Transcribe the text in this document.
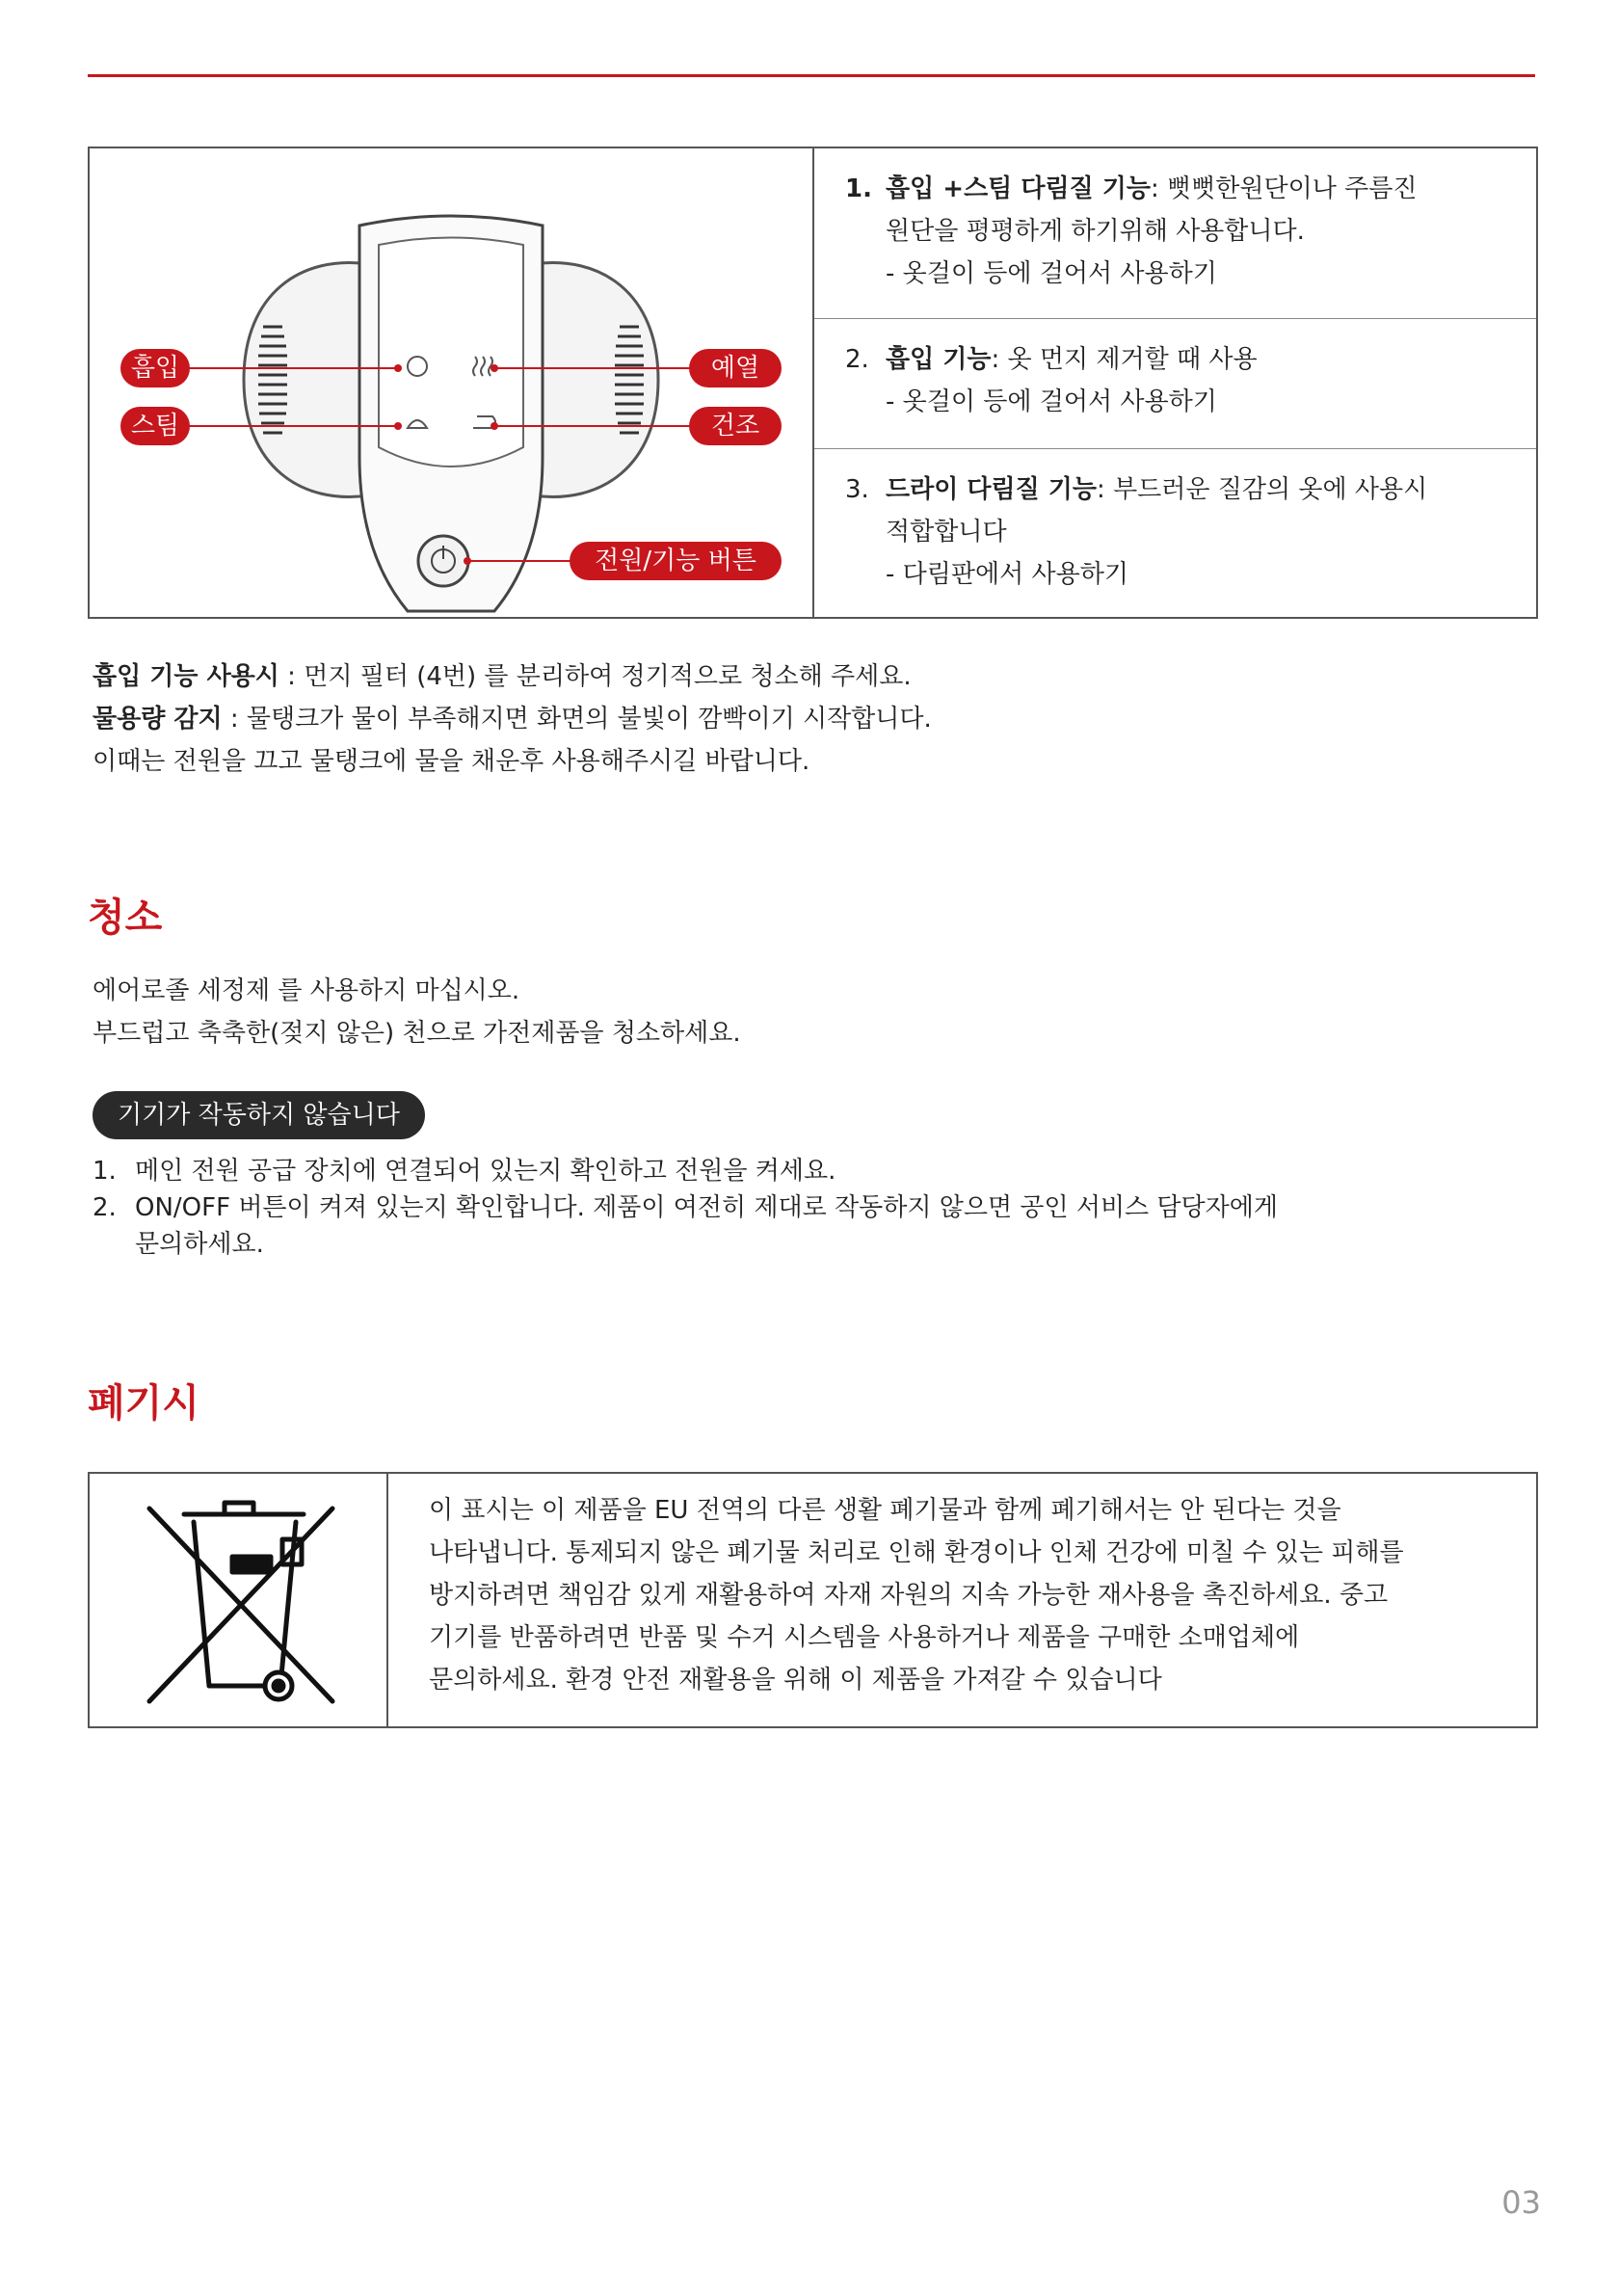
흡입
스팀
예열
건조
전원/기능 버튼
1. 흡입 +스팀 다림질 기능: 뻣뻣한원단이나 주름진
원단을 평평하게 하기위해 사용합니다.
- 옷걸이 등에 걸어서 사용하기
2. 흡입 기능: 옷 먼지 제거할 때 사용
- 옷걸이 등에 걸어서 사용하기
3. 드라이 다림질 기능: 부드러운 질감의 옷에 사용시
적합합니다
- 다림판에서 사용하기
흡입 기능 사용시 : 먼지 필터 (4번) 를 분리하여 정기적으로 청소해 주세요.
물용량 감지 : 물탱크가 물이 부족해지면 화면의 불빛이 깜빡이기 시작합니다.
이때는 전원을 끄고 물탱크에 물을 채운후 사용해주시길 바랍니다.
청소
에어로졸 세정제 를 사용하지 마십시오.
부드럽고 축축한(젖지 않은) 천으로 가전제품을 청소하세요.
기기가 작동하지 않습니다
1. 메인 전원 공급 장치에 연결되어 있는지 확인하고 전원을 켜세요.
2. ON/OFF 버튼이 켜져 있는지 확인합니다. 제품이 여전히 제대로 작동하지 않으면 공인 서비스 담당자에게
문의하세요.
폐기시
이 표시는 이 제품을 EU 전역의 다른 생활 폐기물과 함께 폐기해서는 안 된다는 것을
나타냅니다. 통제되지 않은 폐기물 처리로 인해 환경이나 인체 건강에 미칠 수 있는 피해를
방지하려면 책임감 있게 재활용하여 자재 자원의 지속 가능한 재사용을 촉진하세요. 중고
기기를 반품하려면 반품 및 수거 시스템을 사용하거나 제품을 구매한 소매업체에
문의하세요. 환경 안전 재활용을 위해 이 제품을 가져갈 수 있습니다
03
